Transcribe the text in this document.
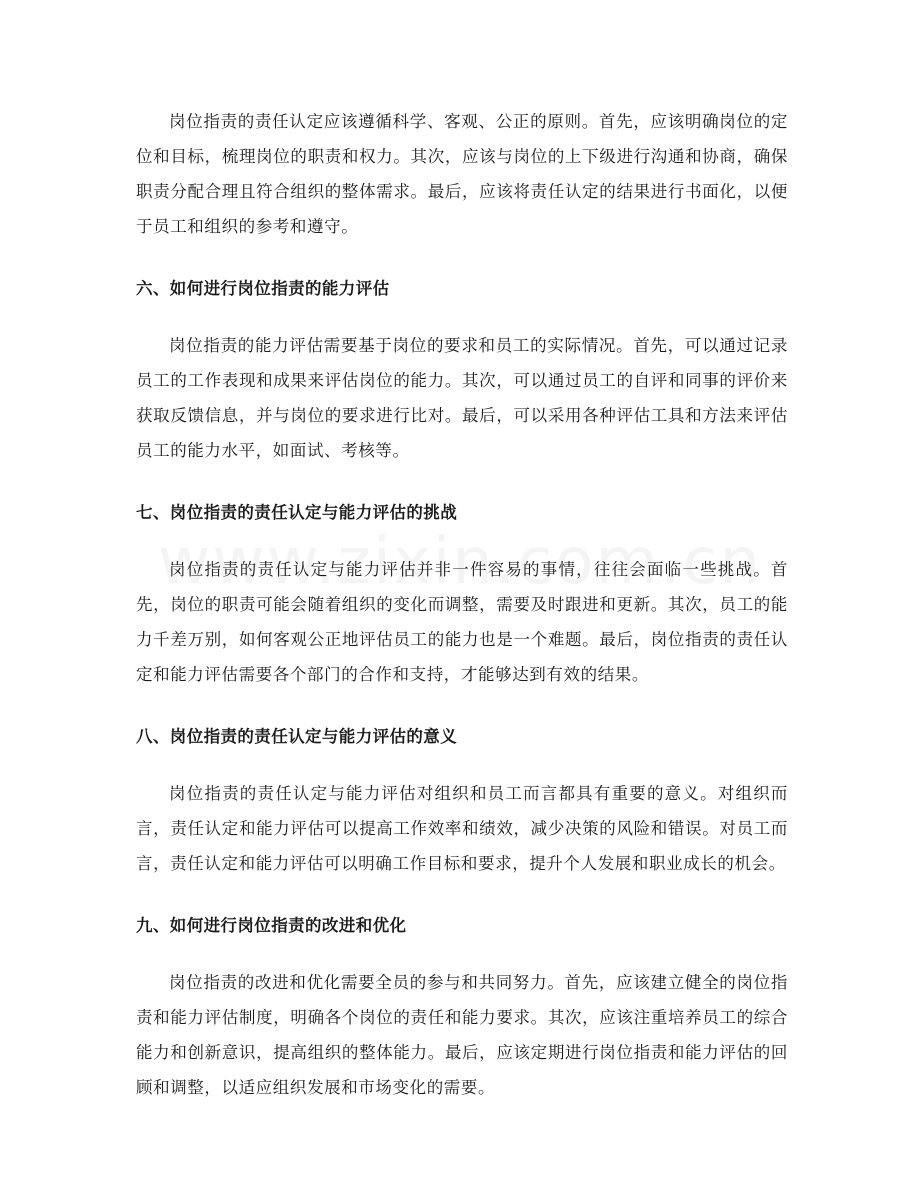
岗位指责的责任认定应该遵循科学、客观、公正的原则。首先，应该明确岗位的定位和目标，梳理岗位的职责和权力。其次，应该与岗位的上下级进行沟通和协商，确保职责分配合理且符合组织的整体需求。最后，应该将责任认定的结果进行书面化，以便于员工和组织的参考和遵守。

六、如何进行岗位指责的能力评估

岗位指责的能力评估需要基于岗位的要求和员工的实际情况。首先，可以通过记录员工的工作表现和成果来评估岗位的能力。其次，可以通过员工的自评和同事的评价来获取反馈信息，并与岗位的要求进行比对。最后，可以采用各种评估工具和方法来评估员工的能力水平，如面试、考核等。

七、岗位指责的责任认定与能力评估的挑战

岗位指责的责任认定与能力评估并非一件容易的事情，往往会面临一些挑战。首先，岗位的职责可能会随着组织的变化而调整，需要及时跟进和更新。其次，员工的能力千差万别，如何客观公正地评估员工的能力也是一个难题。最后，岗位指责的责任认定和能力评估需要各个部门的合作和支持，才能够达到有效的结果。

八、岗位指责的责任认定与能力评估的意义

岗位指责的责任认定与能力评估对组织和员工而言都具有重要的意义。对组织而言，责任认定和能力评估可以提高工作效率和绩效，减少决策的风险和错误。对员工而言，责任认定和能力评估可以明确工作目标和要求，提升个人发展和职业成长的机会。

九、如何进行岗位指责的改进和优化

岗位指责的改进和优化需要全员的参与和共同努力。首先，应该建立健全的岗位指责和能力评估制度，明确各个岗位的责任和能力要求。其次，应该注重培养员工的综合能力和创新意识，提高组织的整体能力。最后，应该定期进行岗位指责和能力评估的回顾和调整，以适应组织发展和市场变化的需要。
